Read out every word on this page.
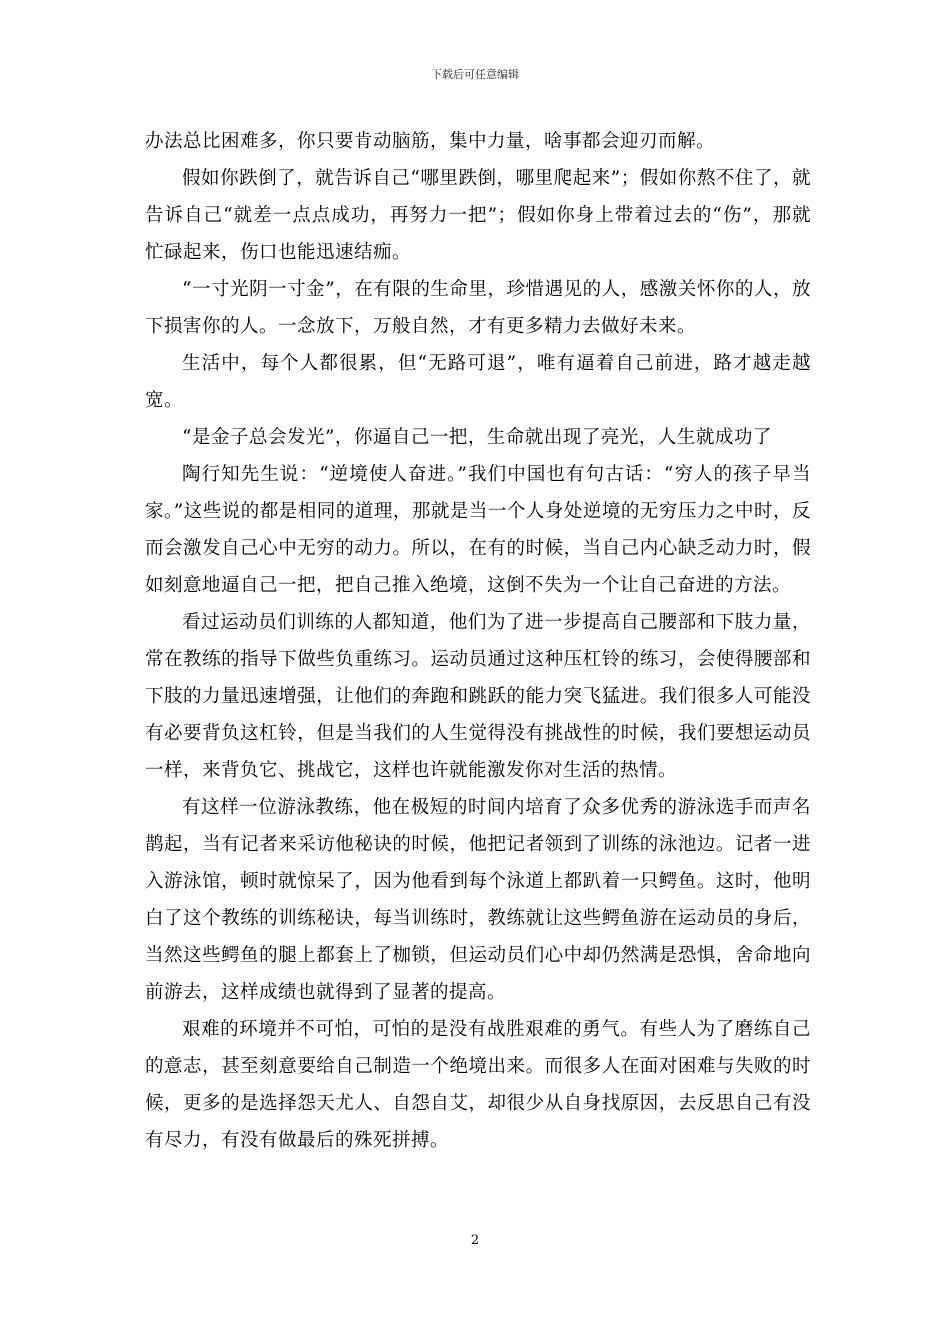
下载后可任意编辑

办法总比困难多，你只要肯动脑筋，集中力量，啥事都会迎刃而解。

假如你跌倒了，就告诉自己“哪里跌倒，哪里爬起来”；假如你熬不住了，就告诉自己“就差一点点成功，再努力一把”；假如你身上带着过去的“伤”，那就忙碌起来，伤口也能迅速结痂。

“一寸光阴一寸金”，在有限的生命里，珍惜遇见的人，感激关怀你的人，放下损害你的人。一念放下，万般自然，才有更多精力去做好未来。

生活中，每个人都很累，但“无路可退”，唯有逼着自己前进，路才越走越宽。

“是金子总会发光”，你逼自己一把，生命就出现了亮光，人生就成功了

陶行知先生说：“逆境使人奋进。”我们中国也有句古话：“穷人的孩子早当家。”这些说的都是相同的道理，那就是当一个人身处逆境的无穷压力之中时，反而会激发自己心中无穷的动力。所以，在有的时候，当自己内心缺乏动力时，假如刻意地逼自己一把，把自己推入绝境，这倒不失为一个让自己奋进的方法。

看过运动员们训练的人都知道，他们为了进一步提高自己腰部和下肢力量，常在教练的指导下做些负重练习。运动员通过这种压杠铃的练习，会使得腰部和下肢的力量迅速增强，让他们的奔跑和跳跃的能力突飞猛进。我们很多人可能没有必要背负这杠铃，但是当我们的人生觉得没有挑战性的时候，我们要想运动员一样，来背负它、挑战它，这样也许就能激发你对生活的热情。

有这样一位游泳教练，他在极短的时间内培育了众多优秀的游泳选手而声名鹊起，当有记者来采访他秘诀的时候，他把记者领到了训练的泳池边。记者一进入游泳馆，顿时就惊呆了，因为他看到每个泳道上都趴着一只鳄鱼。这时，他明白了这个教练的训练秘诀，每当训练时，教练就让这些鳄鱼游在运动员的身后，当然这些鳄鱼的腿上都套上了枷锁，但运动员们心中却仍然满是恐惧，舍命地向前游去，这样成绩也就得到了显著的提高。

艰难的环境并不可怕，可怕的是没有战胜艰难的勇气。有些人为了磨练自己的意志，甚至刻意要给自己制造一个绝境出来。而很多人在面对困难与失败的时候，更多的是选择怨天尤人、自怨自艾，却很少从自身找原因，去反思自己有没有尽力，有没有做最后的殊死拼搏。

2
